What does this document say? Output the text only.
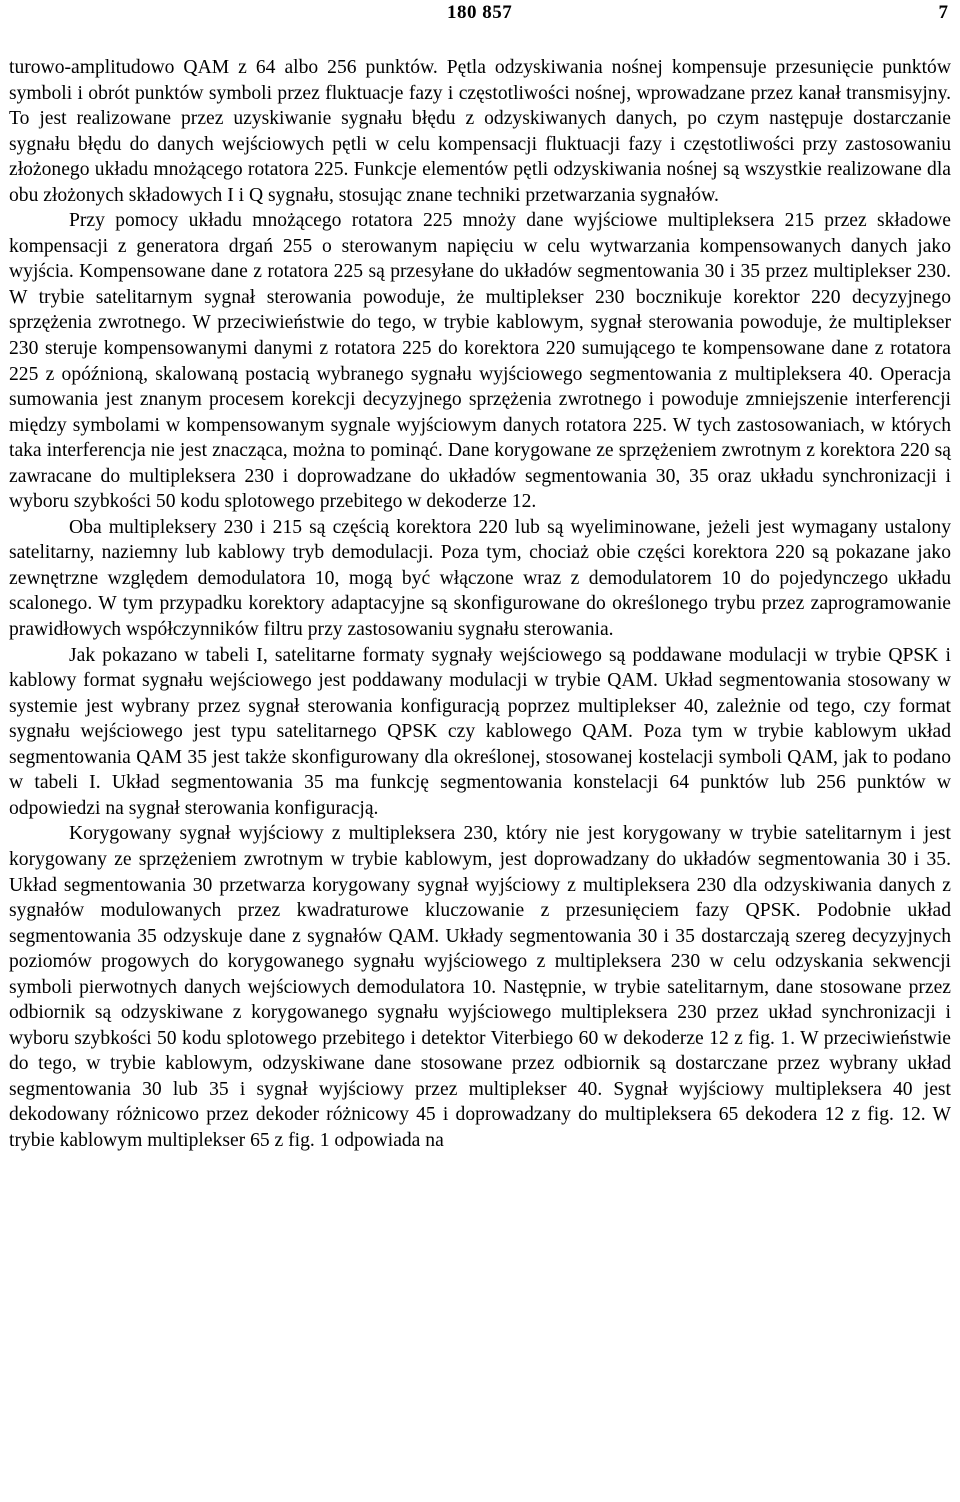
180 857	7

turowo-amplitudowo QAM z 64 albo 256 punktów. Pętla odzyskiwania nośnej kompensuje przesunięcie punktów symboli i obrót punktów symboli przez fluktuacje fazy i częstotliwości nośnej, wprowadzane przez kanał transmisyjny. To jest realizowane przez uzyskiwanie sygnału błędu z odzyskiwanych danych, po czym następuje dostarczanie sygnału błędu do danych wejściowych pętli w celu kompensacji fluktuacji fazy i częstotliwości przy zastosowaniu złożonego układu mnożącego rotatora 225. Funkcje elementów pętli odzyskiwania nośnej są wszystkie realizowane dla obu złożonych składowych I i Q sygnału, stosując znane techniki przetwarzania sygnałów.

Przy pomocy układu mnożącego rotatora 225 mnoży dane wyjściowe multipleksera 215 przez składowe kompensacji z generatora drgań 255 o sterowanym napięciu w celu wytwarzania kompensowanych danych jako wyjścia. Kompensowane dane z rotatora 225 są przesyłane do układów segmentowania 30 i 35 przez multiplekser 230. W trybie satelitarnym sygnał sterowania powoduje, że multiplekser 230 bocznikuje korektor 220 decyzyjnego sprzężenia zwrotnego. W przeciwieństwie do tego, w trybie kablowym, sygnał sterowania powoduje, że multiplekser 230 steruje kompensowanymi danymi z rotatora 225 do korektora 220 sumującego te kompensowane dane z rotatora 225 z opóźnioną, skalowaną postacią wybranego sygnału wyjściowego segmentowania z multipleksera 40. Operacja sumowania jest znanym procesem korekcji decyzyjnego sprzężenia zwrotnego i powoduje zmniejszenie interferencji między symbolami w kompensowanym sygnale wyjściowym danych rotatora 225. W tych zastosowaniach, w których taka interferencja nie jest znacząca, można to pominąć. Dane korygowane ze sprzężeniem zwrotnym z korektora 220 są zawracane do multipleksera 230 i doprowadzane do układów segmentowania 30, 35 oraz układu synchronizacji i wyboru szybkości 50 kodu splotowego przebitego w dekoderze 12.

Oba multipleksery 230 i 215 są częścią korektora 220 lub są wyeliminowane, jeżeli jest wymagany ustalony satelitarny, naziemny lub kablowy tryb demodulacji. Poza tym, chociaż obie części korektora 220 są pokazane jako zewnętrzne względem demodulatora 10, mogą być włączone wraz z demodulatorem 10 do pojedynczego układu scalonego. W tym przypadku korektory adaptacyjne są skonfigurowane do określonego trybu przez zaprogramowanie prawidłowych współczynników filtru przy zastosowaniu sygnału sterowania.

Jak pokazano w tabeli I, satelitarne formaty sygnały wejściowego są poddawane modulacji w trybie QPSK i kablowy format sygnału wejściowego jest poddawany modulacji w trybie QAM. Układ segmentowania stosowany w systemie jest wybrany przez sygnał sterowania konfiguracją poprzez multiplekser 40, zależnie od tego, czy format sygnału wejściowego jest typu satelitarnego QPSK czy kablowego QAM. Poza tym w trybie kablowym układ segmentowania QAM 35 jest także skonfigurowany dla określonej, stosowanej kostelacji symboli QAM, jak to podano w tabeli I. Układ segmentowania 35 ma funkcję segmentowania konstelacji 64 punktów lub 256 punktów w odpowiedzi na sygnał sterowania konfiguracją.

Korygowany sygnał wyjściowy z multipleksera 230, który nie jest korygowany w trybie satelitarnym i jest korygowany ze sprzężeniem zwrotnym w trybie kablowym, jest doprowadzany do układów segmentowania 30 i 35. Układ segmentowania 30 przetwarza korygowany sygnał wyjściowy z multipleksera 230 dla odzyskiwania danych z sygnałów modulowanych przez kwadraturowe kluczowanie z przesunięciem fazy QPSK. Podobnie układ segmentowania 35 odzyskuje dane z sygnałów QAM. Układy segmentowania 30 i 35 dostarczają szereg decyzyjnych poziomów progowych do korygowanego sygnału wyjściowego z multipleksera 230 w celu odzyskania sekwencji symboli pierwotnych danych wejściowych demodulatora 10. Następnie, w trybie satelitarnym, dane stosowane przez odbiornik są odzyskiwane z korygowanego sygnału wyjściowego multipleksera 230 przez układ synchronizacji i wyboru szybkości 50 kodu splotowego przebitego i detektor Viterbiego 60 w dekoderze 12 z fig. 1. W przeciwieństwie do tego, w trybie kablowym, odzyskiwane dane stosowane przez odbiornik są dostarczane przez wybrany układ segmentowania 30 lub 35 i sygnał wyjściowy przez multiplekser 40. Sygnał wyjściowy multipleksera 40 jest dekodowany różnicowo przez dekoder różnicowy 45 i doprowadzany do multipleksera 65 dekodera 12 z fig. 12. W trybie kablowym multiplekser 65 z fig. 1 odpowiada na
